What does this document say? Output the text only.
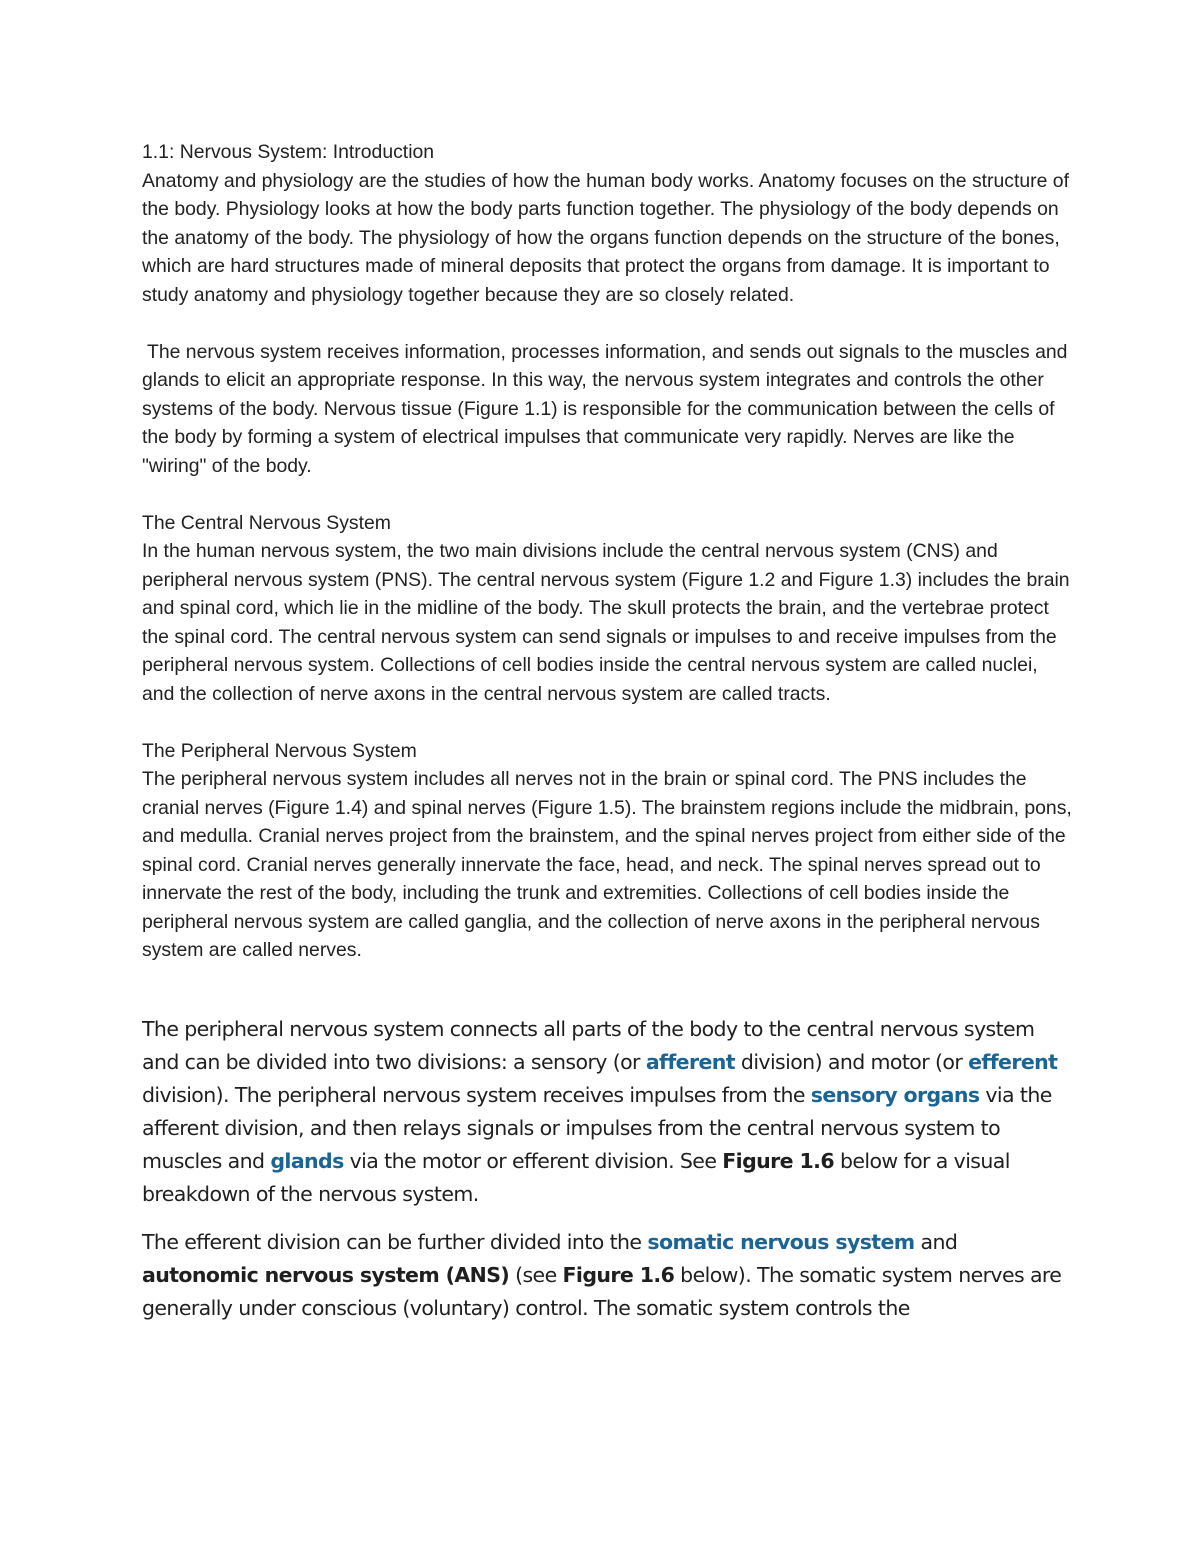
1.1: Nervous System: Introduction

Anatomy and physiology are the studies of how the human body works. Anatomy focuses on the structure of the body. Physiology looks at how the body parts function together. The physiology of the body depends on the anatomy of the body. The physiology of how the organs function depends on the structure of the bones, which are hard structures made of mineral deposits that protect the organs from damage. It is important to study anatomy and physiology together because they are so closely related.

The nervous system receives information, processes information, and sends out signals to the muscles and glands to elicit an appropriate response. In this way, the nervous system integrates and controls the other systems of the body. Nervous tissue (Figure 1.1) is responsible for the communication between the cells of the body by forming a system of electrical impulses that communicate very rapidly. Nerves are like the "wiring" of the body.

The Central Nervous System

In the human nervous system, the two main divisions include the central nervous system (CNS) and peripheral nervous system (PNS). The central nervous system (Figure 1.2 and Figure 1.3) includes the brain and spinal cord, which lie in the midline of the body. The skull protects the brain, and the vertebrae protect the spinal cord. The central nervous system can send signals or impulses to and receive impulses from the peripheral nervous system. Collections of cell bodies inside the central nervous system are called nuclei, and the collection of nerve axons in the central nervous system are called tracts.

The Peripheral Nervous System

The peripheral nervous system includes all nerves not in the brain or spinal cord. The PNS includes the cranial nerves (Figure 1.4) and spinal nerves (Figure 1.5). The brainstem regions include the midbrain, pons, and medulla. Cranial nerves project from the brainstem, and the spinal nerves project from either side of the spinal cord. Cranial nerves generally innervate the face, head, and neck. The spinal nerves spread out to innervate the rest of the body, including the trunk and extremities. Collections of cell bodies inside the peripheral nervous system are called ganglia, and the collection of nerve axons in the peripheral nervous system are called nerves.

The peripheral nervous system connects all parts of the body to the central nervous system and can be divided into two divisions: a sensory (or afferent division) and motor (or efferent division). The peripheral nervous system receives impulses from the sensory organs via the afferent division, and then relays signals or impulses from the central nervous system to muscles and glands via the motor or efferent division. See Figure 1.6 below for a visual breakdown of the nervous system.

The efferent division can be further divided into the somatic nervous system and autonomic nervous system (ANS) (see Figure 1.6 below). The somatic system nerves are generally under conscious (voluntary) control. The somatic system controls the
